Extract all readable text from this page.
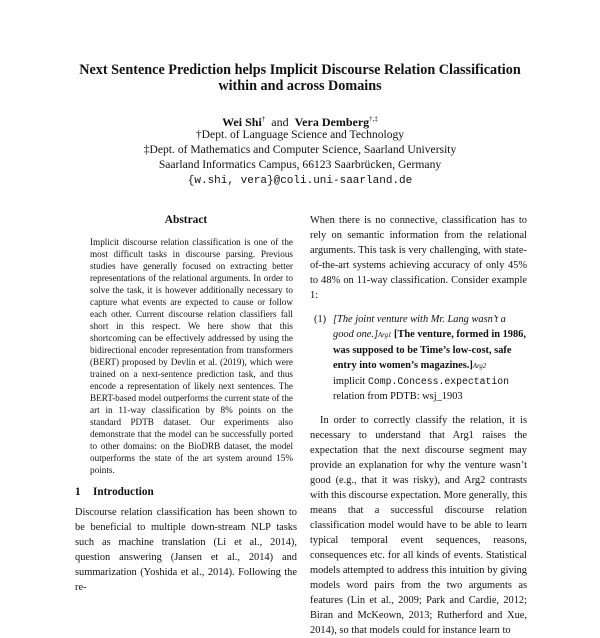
Next Sentence Prediction helps Implicit Discourse Relation Classification
within and across Domains
Wei Shi† and Vera Demberg†,‡
†Dept. of Language Science and Technology
‡Dept. of Mathematics and Computer Science, Saarland University
Saarland Informatics Campus, 66123 Saarbrücken, Germany
{w.shi, vera}@coli.uni-saarland.de
Abstract
Implicit discourse relation classification is one of the most difficult tasks in discourse parsing. Previous studies have generally focused on extracting better representations of the relational arguments. In order to solve the task, it is however additionally necessary to capture what events are expected to cause or follow each other. Current discourse relation classifiers fall short in this respect. We here show that this shortcoming can be effectively addressed by using the bidirectional encoder representation from transformers (BERT) proposed by Devlin et al. (2019), which were trained on a next-sentence prediction task, and thus encode a representation of likely next sentences. The BERT-based model outperforms the current state of the art in 11-way classification by 8% points on the standard PDTB dataset. Our experiments also demonstrate that the model can be successfully ported to other domains: on the BioDRB dataset, the model outperforms the state of the art system around 15% points.
1 Introduction
Discourse relation classification has been shown to be beneficial to multiple down-stream NLP tasks such as machine translation (Li et al., 2014), question answering (Jansen et al., 2014) and summarization (Yoshida et al., 2014). Following the re-
When there is no connective, classification has to rely on semantic information from the relational arguments. This task is very challenging, with state-of-the-art systems achieving accuracy of only 45% to 48% on 11-way classification. Consider example 1:
(1) [The joint venture with Mr. Lang wasn’t a good one.]Arg1 [The venture, formed in 1986, was supposed to be Time’s low-cost, safe entry into women’s magazines.]Arg2
implicit Comp.Concess.expectation
relation from PDTB: wsj_1903
In order to correctly classify the relation, it is necessary to understand that Arg1 raises the expectation that the next discourse segment may provide an explanation for why the venture wasn’t good (e.g., that it was risky), and Arg2 contrasts with this discourse expectation. More generally, this means that a successful discourse relation classification model would have to be able to learn typical temporal event sequences, reasons, consequences etc. for all kinds of events. Statistical models attempted to address this intuition by giving models word pairs from the two arguments as features (Lin et al., 2009; Park and Cardie, 2012; Biran and McKeown, 2013; Rutherford and Xue, 2014), so that models could for instance learn to
